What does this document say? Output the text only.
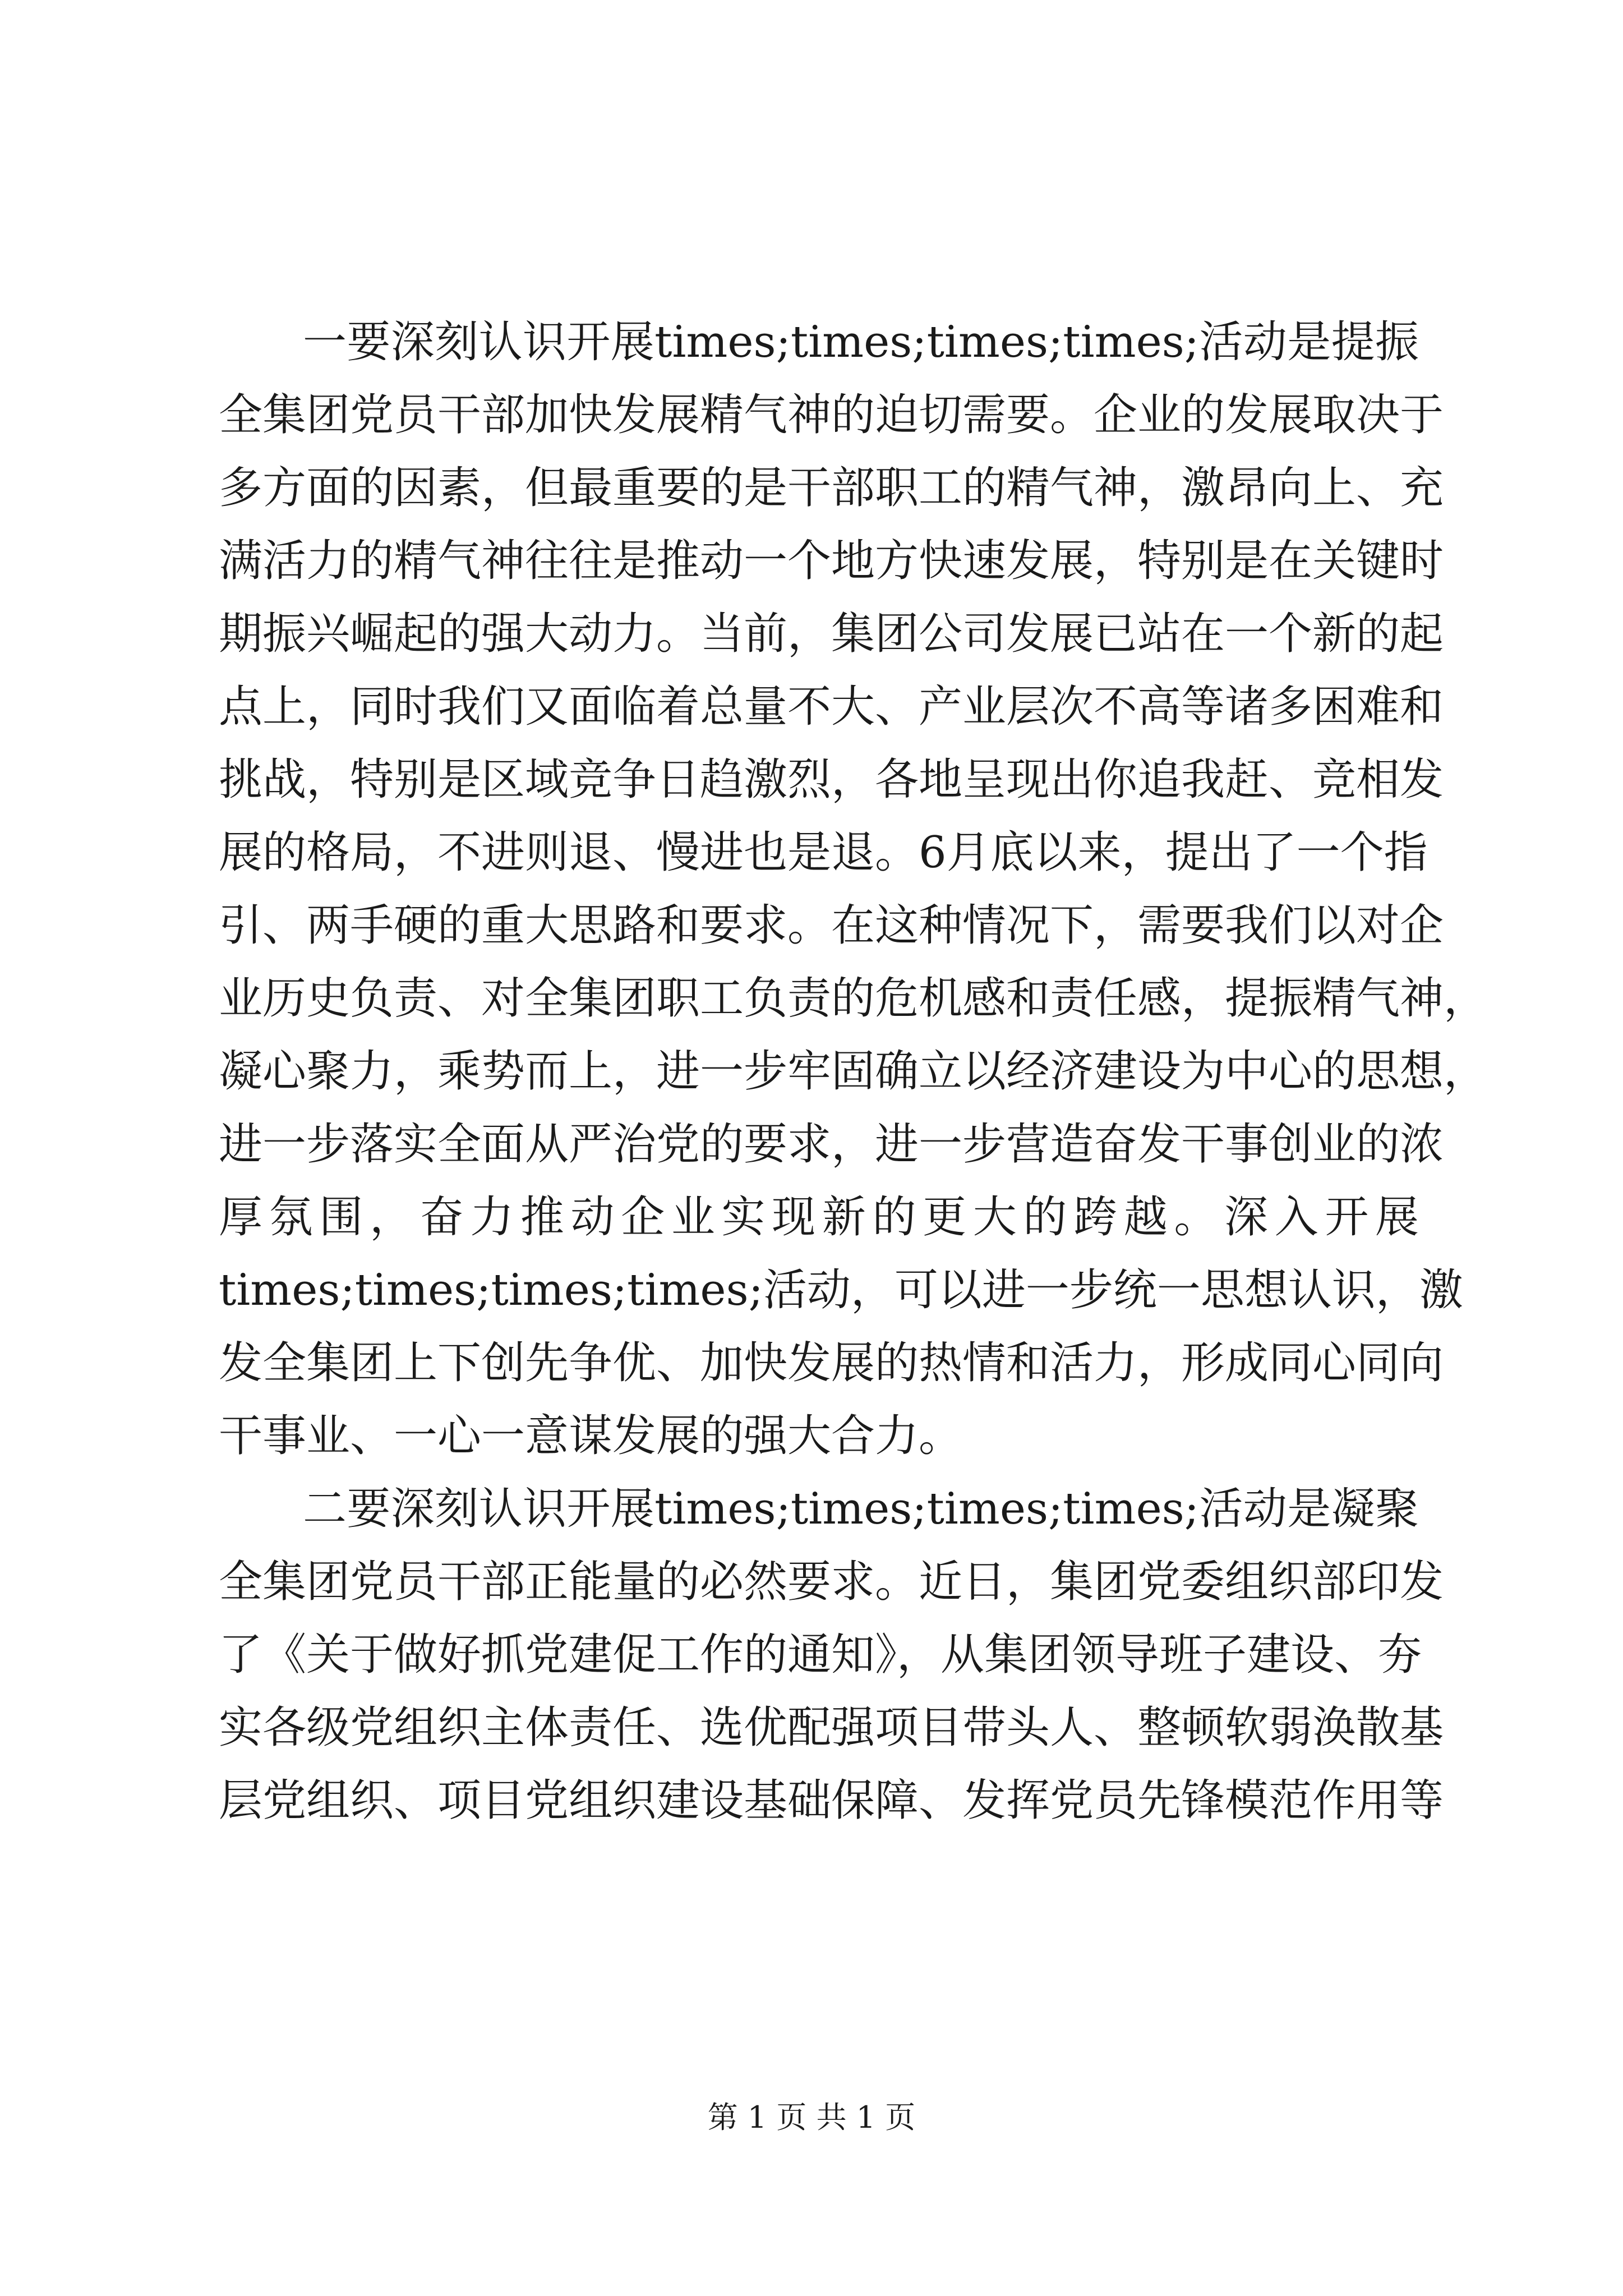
一要深刻认识开展times;times;times;times;活动是提振
全集团党员干部加快发展精气神的迫切需要。企业的发展取决于
多方面的因素，但最重要的是干部职工的精气神，激昂向上、充
满活力的精气神往往是推动一个地方快速发展，特别是在关键时
期振兴崛起的强大动力。当前，集团公司发展已站在一个新的起
点上，同时我们又面临着总量不大、产业层次不高等诸多困难和
挑战，特别是区域竞争日趋激烈，各地呈现出你追我赶、竞相发
展的格局，不进则退、慢进也是退。6月底以来，提出了一个指
引、两手硬的重大思路和要求。在这种情况下，需要我们以对企
业历史负责、对全集团职工负责的危机感和责任感，提振精气神，
凝心聚力，乘势而上，进一步牢固确立以经济建设为中心的思想，
进一步落实全面从严治党的要求，进一步营造奋发干事创业的浓
厚氛围，奋力推动企业实现新的更大的跨越。深入开展
times;times;times;times;活动，可以进一步统一思想认识，激
发全集团上下创先争优、加快发展的热情和活力，形成同心同向
干事业、一心一意谋发展的强大合力。
二要深刻认识开展times;times;times;times;活动是凝聚
全集团党员干部正能量的必然要求。近日，集团党委组织部印发
了《关于做好抓党建促工作的通知》，从集团领导班子建设、夯
实各级党组织主体责任、选优配强项目带头人、整顿软弱涣散基
层党组织、项目党组织建设基础保障、发挥党员先锋模范作用等
第 1 页 共 1 页
